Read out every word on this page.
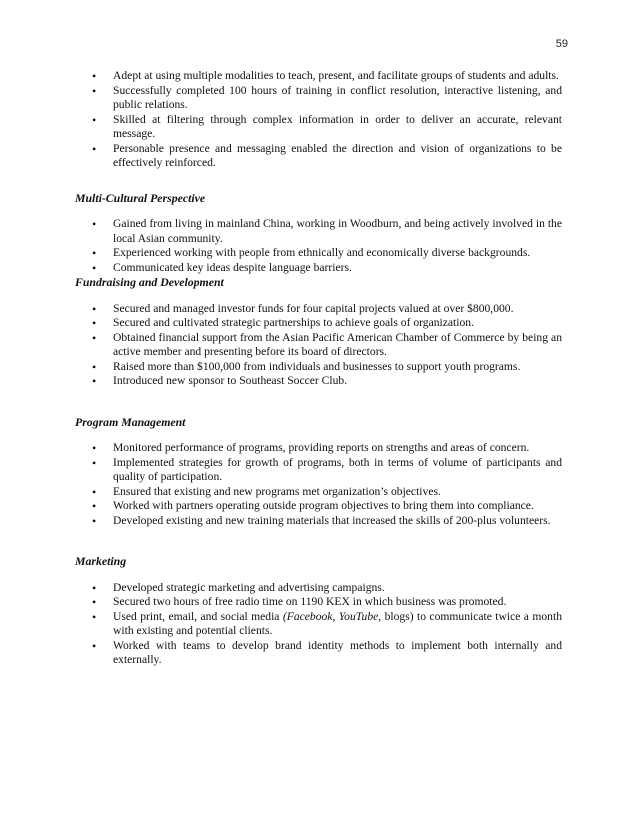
59
• Adept at using multiple modalities to teach, present, and facilitate groups of students and adults.
• Successfully completed 100 hours of training in conflict resolution, interactive listening, and public relations.
• Skilled at filtering through complex information in order to deliver an accurate, relevant message.
• Personable presence and messaging enabled the direction and vision of organizations to be effectively reinforced.

Multi-Cultural Perspective

• Gained from living in mainland China, working in Woodburn, and being actively involved in the local Asian community.
• Experienced working with people from ethnically and economically diverse backgrounds.
• Communicated key ideas despite language barriers.

Fundraising and Development

• Secured and managed investor funds for four capital projects valued at over $800,000.
• Secured and cultivated strategic partnerships to achieve goals of organization.
• Obtained financial support from the Asian Pacific American Chamber of Commerce by being an active member and presenting before its board of directors.
• Raised more than $100,000 from individuals and businesses to support youth programs.
• Introduced new sponsor to Southeast Soccer Club.

Program Management

• Monitored performance of programs, providing reports on strengths and areas of concern.
• Implemented strategies for growth of programs, both in terms of volume of participants and quality of participation.
• Ensured that existing and new programs met organization’s objectives.
• Worked with partners operating outside program objectives to bring them into compliance.
• Developed existing and new training materials that increased the skills of 200-plus volunteers.

Marketing

• Developed strategic marketing and advertising campaigns.
• Secured two hours of free radio time on 1190 KEX in which business was promoted.
• Used print, email, and social media (Facebook, YouTube, blogs) to communicate twice a month with existing and potential clients.
• Worked with teams to develop brand identity methods to implement both internally and externally.
